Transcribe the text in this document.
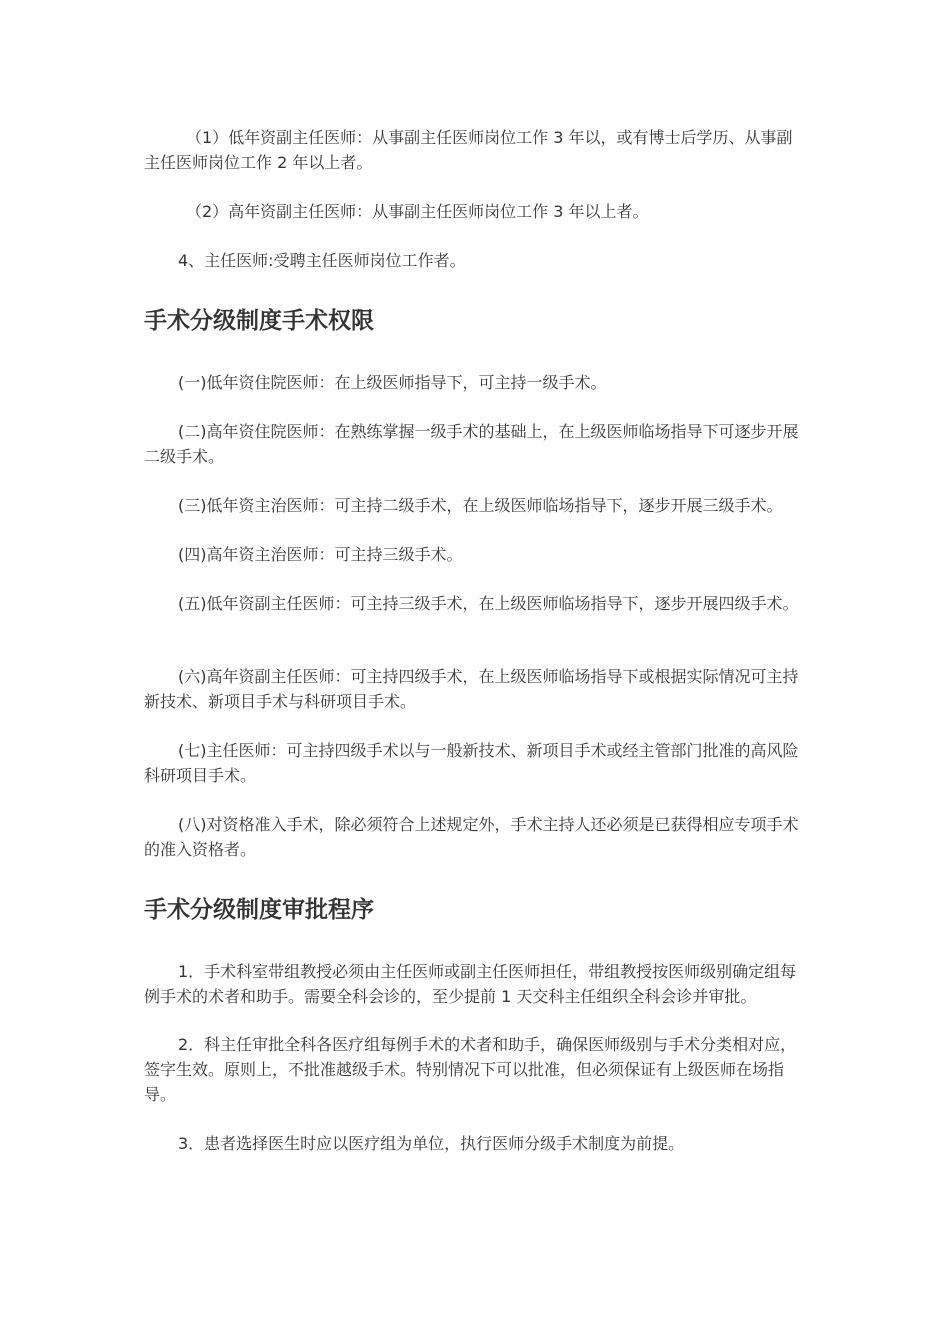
（1）低年资副主任医师：从事副主任医师岗位工作 3 年以，或有博士后学历、从事副主任医师岗位工作 2 年以上者。

（2）高年资副主任医师：从事副主任医师岗位工作 3 年以上者。

4、主任医师:受聘主任医师岗位工作者。

手术分级制度手术权限

(一)低年资住院医师：在上级医师指导下，可主持一级手术。

(二)高年资住院医师：在熟练掌握一级手术的基础上，在上级医师临场指导下可逐步开展二级手术。

(三)低年资主治医师：可主持二级手术，在上级医师临场指导下，逐步开展三级手术。

(四)高年资主治医师：可主持三级手术。

(五)低年资副主任医师：可主持三级手术，在上级医师临场指导下，逐步开展四级手术。

(六)高年资副主任医师：可主持四级手术，在上级医师临场指导下或根据实际情况可主持新技术、新项目手术与科研项目手术。

(七)主任医师：可主持四级手术以与一般新技术、新项目手术或经主管部门批准的高风险科研项目手术。

(八)对资格准入手术，除必须符合上述规定外，手术主持人还必须是已获得相应专项手术的准入资格者。

手术分级制度审批程序

1．手术科室带组教授必须由主任医师或副主任医师担任，带组教授按医师级别确定组每例手术的术者和助手。需要全科会诊的，至少提前 1 天交科主任组织全科会诊并审批。

2．科主任审批全科各医疗组每例手术的术者和助手，确保医师级别与手术分类相对应，签字生效。原则上，不批准越级手术。特别情况下可以批准，但必须保证有上级医师在场指导。

3．患者选择医生时应以医疗组为单位，执行医师分级手术制度为前提。
